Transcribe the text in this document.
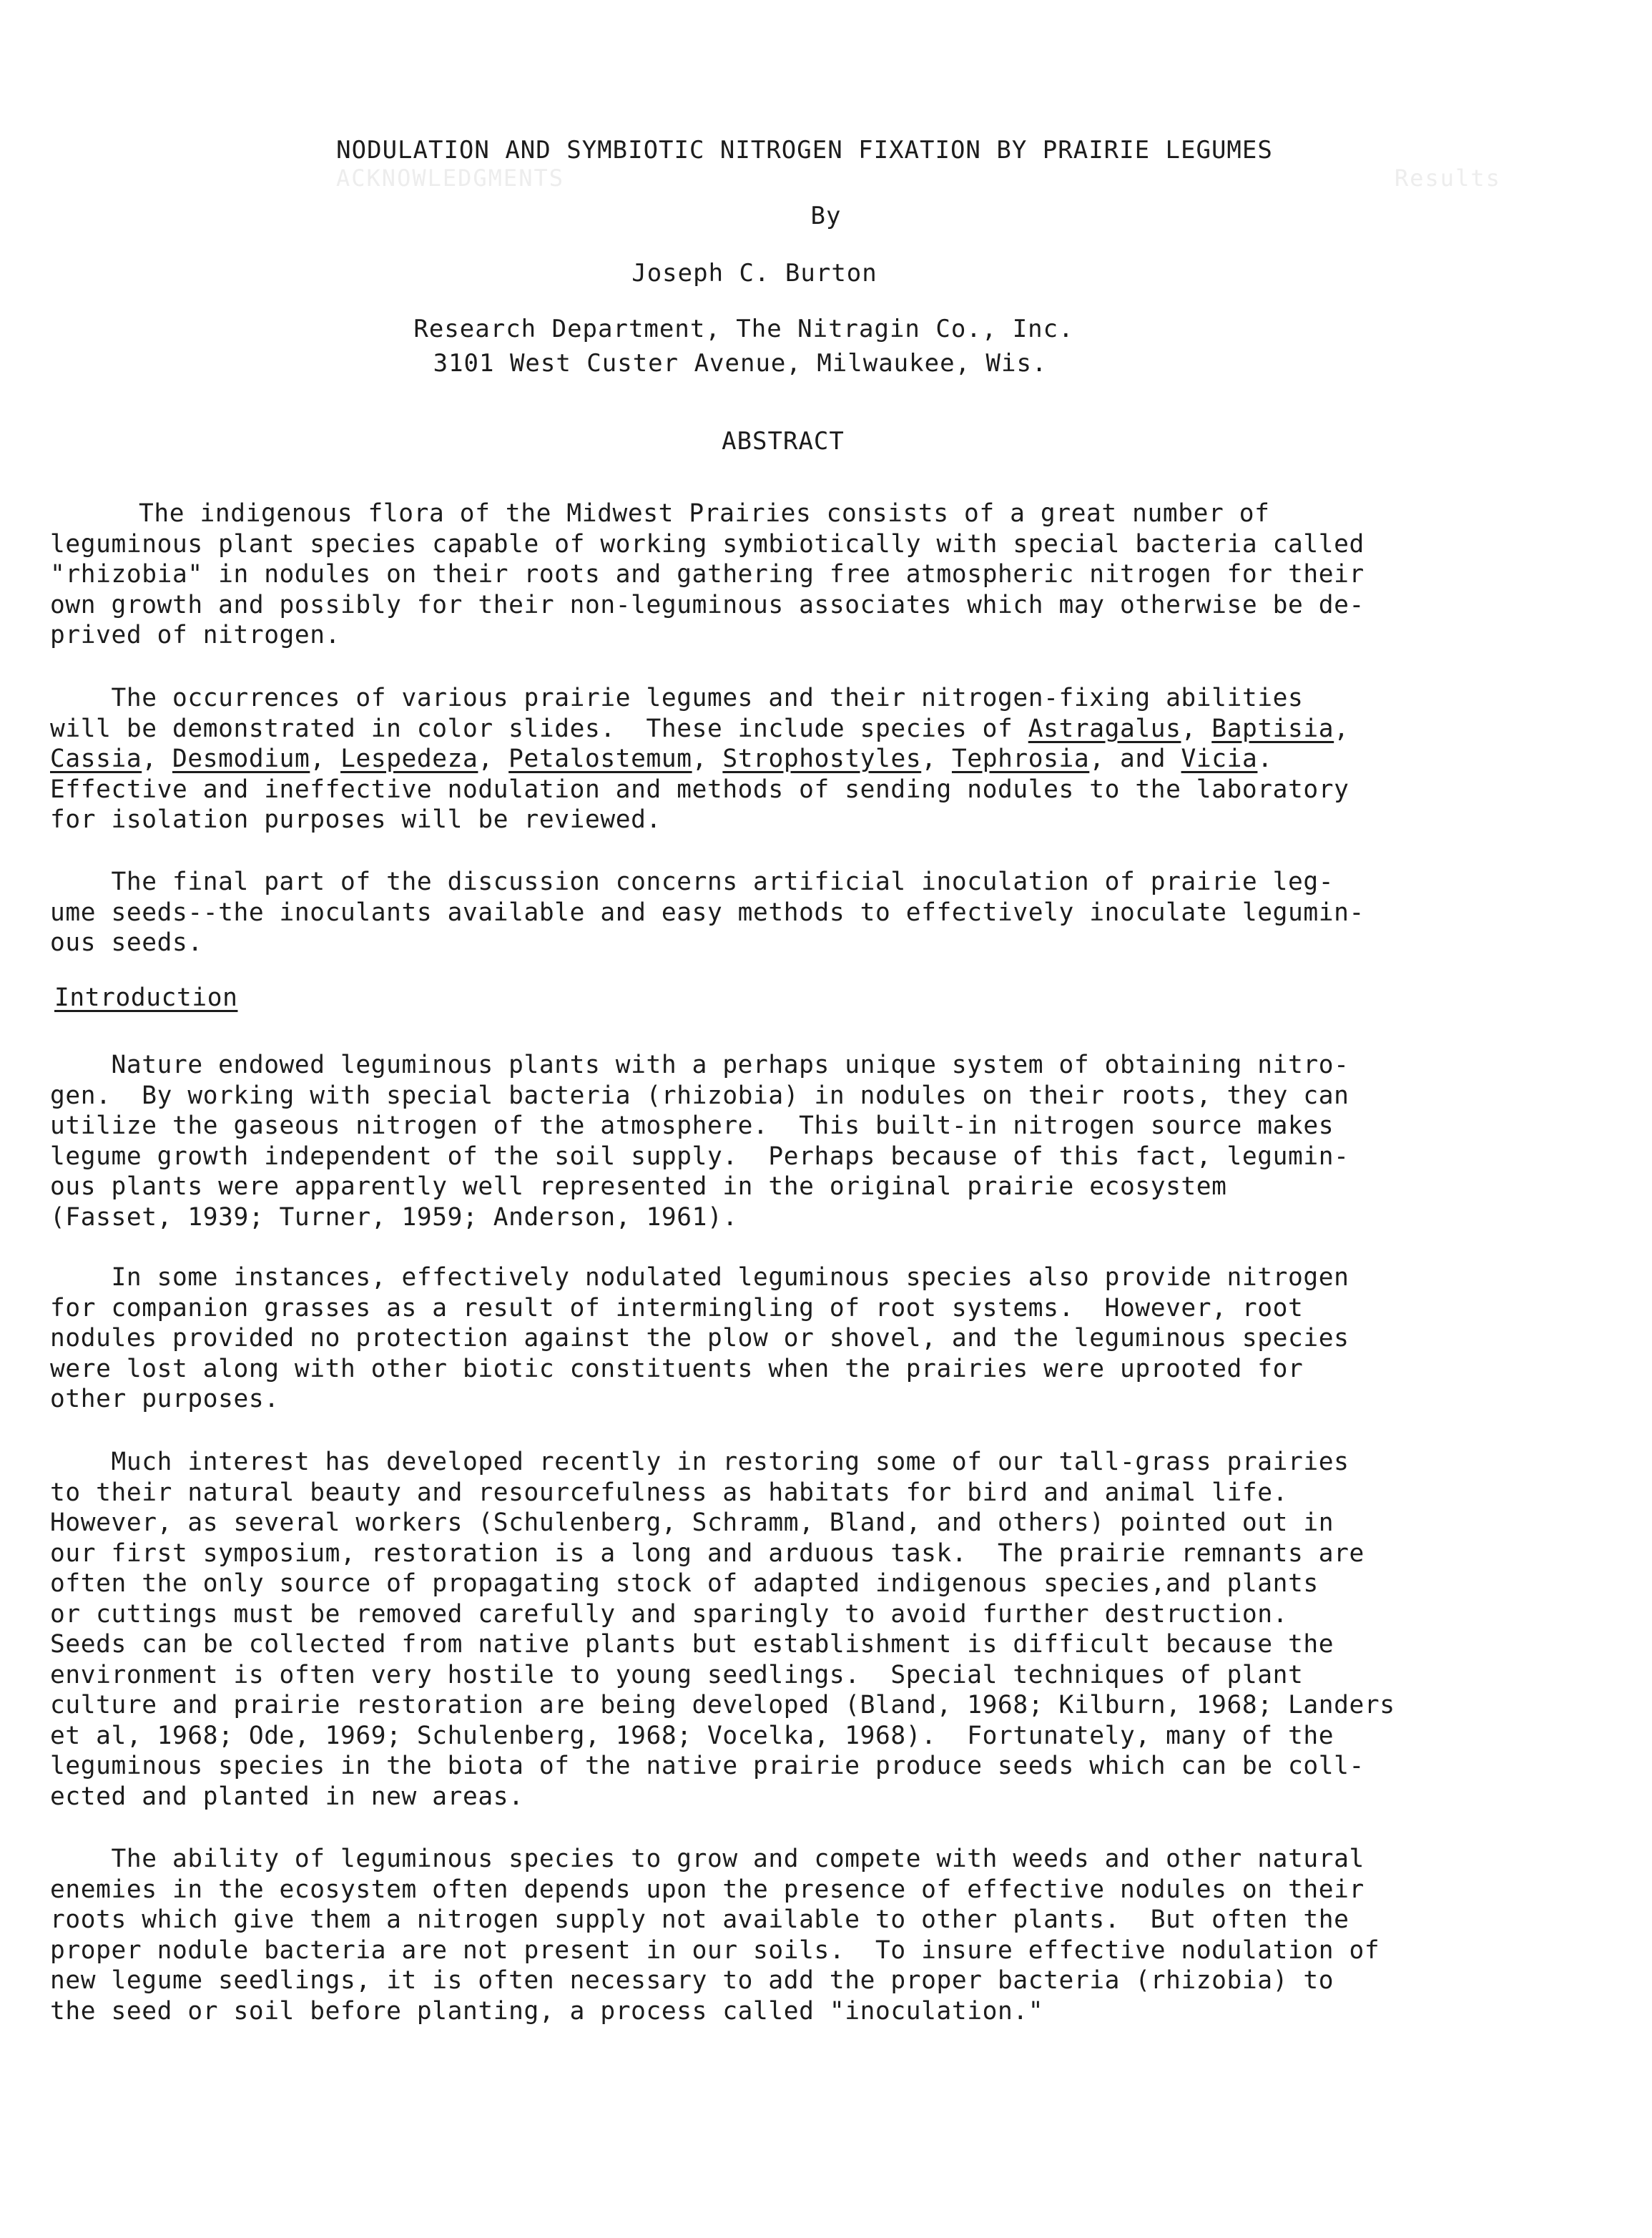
ACKNOWLEDGMENTS	Results
NODULATION AND SYMBIOTIC NITROGEN FIXATION BY PRAIRIE LEGUMES
By
Joseph C. Burton
Research Department, The Nitragin Co., Inc.
3101 West Custer Avenue, Milwaukee, Wis.
ABSTRACT
The indigenous flora of the Midwest Prairies consists of a great number of
leguminous plant species capable of working symbiotically with special bacteria called
"rhizobia" in nodules on their roots and gathering free atmospheric nitrogen for their
own growth and possibly for their non-leguminous associates which may otherwise be de-
prived of nitrogen.
The occurrences of various prairie legumes and their nitrogen-fixing abilities
will be demonstrated in color slides.  These include species of Astragalus, Baptisia,
Cassia, Desmodium, Lespedeza, Petalostemum, Strophostyles, Tephrosia, and Vicia.
Effective and ineffective nodulation and methods of sending nodules to the laboratory
for isolation purposes will be reviewed.
The final part of the discussion concerns artificial inoculation of prairie leg-
ume seeds--the inoculants available and easy methods to effectively inoculate legumin-
ous seeds.
Introduction
Nature endowed leguminous plants with a perhaps unique system of obtaining nitro-
gen.  By working with special bacteria (rhizobia) in nodules on their roots, they can
utilize the gaseous nitrogen of the atmosphere.  This built-in nitrogen source makes
legume growth independent of the soil supply.  Perhaps because of this fact, legumin-
ous plants were apparently well represented in the original prairie ecosystem
(Fasset, 1939; Turner, 1959; Anderson, 1961).
In some instances, effectively nodulated leguminous species also provide nitrogen
for companion grasses as a result of intermingling of root systems.  However, root
nodules provided no protection against the plow or shovel, and the leguminous species
were lost along with other biotic constituents when the prairies were uprooted for
other purposes.
Much interest has developed recently in restoring some of our tall-grass prairies
to their natural beauty and resourcefulness as habitats for bird and animal life.
However, as several workers (Schulenberg, Schramm, Bland, and others) pointed out in
our first symposium, restoration is a long and arduous task.  The prairie remnants are
often the only source of propagating stock of adapted indigenous species,and plants
or cuttings must be removed carefully and sparingly to avoid further destruction.
Seeds can be collected from native plants but establishment is difficult because the
environment is often very hostile to young seedlings.  Special techniques of plant
culture and prairie restoration are being developed (Bland, 1968; Kilburn, 1968; Landers
et al, 1968; Ode, 1969; Schulenberg, 1968; Vocelka, 1968).  Fortunately, many of the
leguminous species in the biota of the native prairie produce seeds which can be coll-
ected and planted in new areas.
The ability of leguminous species to grow and compete with weeds and other natural
enemies in the ecosystem often depends upon the presence of effective nodules on their
roots which give them a nitrogen supply not available to other plants.  But often the
proper nodule bacteria are not present in our soils.  To insure effective nodulation of
new legume seedlings, it is often necessary to add the proper bacteria (rhizobia) to
the seed or soil before planting, a process called "inoculation."
